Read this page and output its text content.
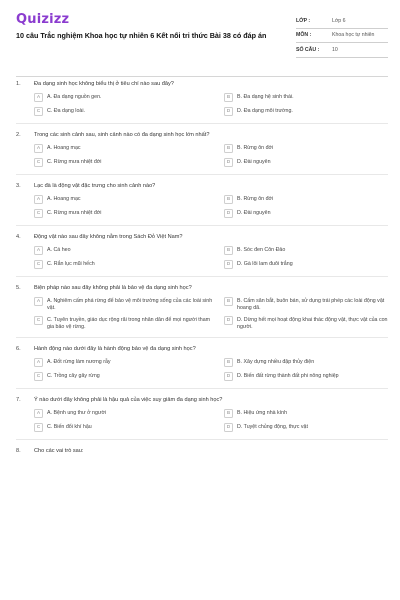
Quizizz
10 câu Trắc nghiệm Khoa học tự nhiên 6 Kết nối tri thức Bài 38 có đáp án
LỚP :	Lớp 6
MÔN :	Khoa học tự nhiên
SỐ CÂU :	10
1.	Đa dạng sinh học không biểu thị ở tiêu chí nào sau đây?
A	A. Đa dạng nguồn gen.	B	B. Đa dạng hệ sinh thái.
C	C. Đa dạng loài.	D	D. Đa dạng môi trường.
2.	Trong các sinh cảnh sau, sinh cảnh nào có đa dạng sinh học lớn nhất?
A	A. Hoang mạc	B	B. Rừng ôn đới
C	C. Rừng mưa nhiệt đới	D	D. Đài nguyên
3.	Lạc đà là động vật đặc trưng cho sinh cảnh nào?
A	A. Hoang mạc	B	B. Rừng ôn đới
C	C. Rừng mưa nhiệt đới	D	D. Đài nguyên
4.	Động vật nào sau đây không nằm trong Sách Đỏ Việt Nam?
A	A. Cá heo	B	B. Sóc đen Côn Đảo
C	C. Rắn lục mũi hếch	D	D. Gà lôi lam đuôi trắng
5.	Biện pháp nào sau đây không phải là bảo vệ đa dạng sinh học?
A	A. Nghiêm cấm phá rừng để bảo vệ môi trường sống của các loài sinh vật.
B	B. Cấm săn bắt, buôn bán, sử dụng trái phép các loài động vật hoang dã.
C	C. Tuyên truyền, giáo dục rộng rãi trong nhân dân để mọi người tham gia bảo vệ rừng.
D	D. Dừng hết mọi hoạt động khai thác động vật, thực vật của con người.
6.	Hành động nào dưới đây là hành động bảo vệ đa dạng sinh học?
A	A. Đốt rừng làm nương rẫy	B	B. Xây dựng nhiều đập thủy điện
C	C. Trồng cây gây rừng	D	D. Biến đất rừng thành đất phi nông nghiệp
7.	Ý nào dưới đây không phải là hậu quả của việc suy giảm đa dạng sinh học?
A	A. Bệnh ung thư ở người	B	B. Hiệu ứng nhà kính
C	C. Biến đổi khí hậu	D	D. Tuyệt chủng động, thực vật
8.	Cho các vai trò sau:
